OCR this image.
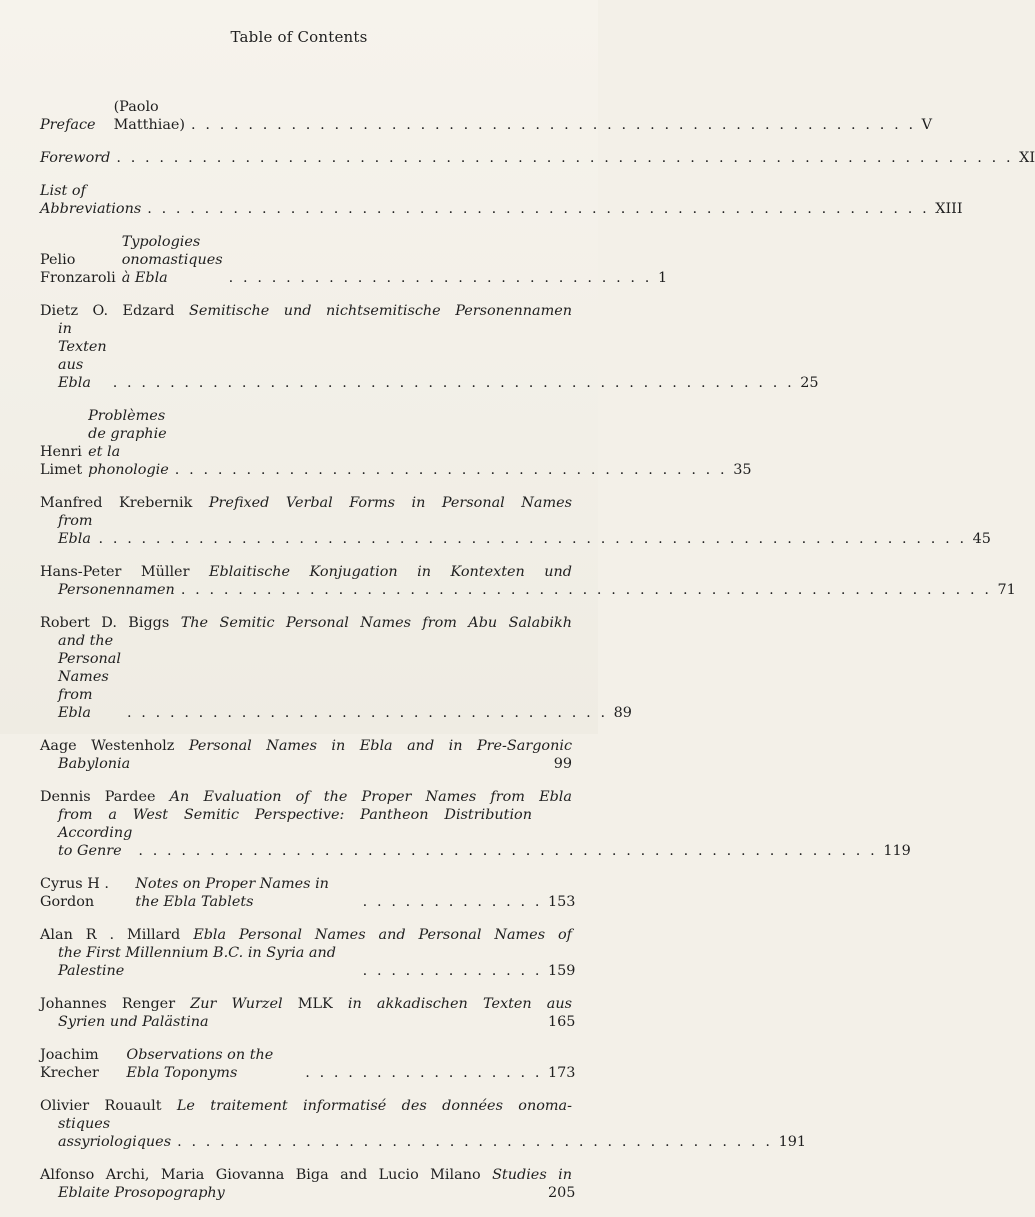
Table of Contents
Preface
(Paolo Matthiae) . . . . . . . . . . . . . . . . . . . . . . . . . . . . . . . . . . . . . . . . . . . . . . . . . . . V
Foreword . . . . . . . . . . . . . . . . . . . . . . . . . . . . . . . . . . . . . . . . . . . . . . . . . . . . . . . . . . . . . . . XI
List of Abbreviations . . . . . . . . . . . . . . . . . . . . . . . . . . . . . . . . . . . . . . . . . . . . . . . . . . . . . . . XIII
Pelio Fronzaroli
Typologies onomastiques à Ebla	. . . . . . . . . . . . . . . . . . . . . . . . . . . . . . 1
Dietz O. Edzard Semitische und nichtsemitische Personennamen
in Texten aus Ebla	. . . . . . . . . . . . . . . . . . . . . . . . . . . . . . . . . . . . . . . . . . . . . . . . 25
Henri Limet
Problèmes de graphie et la phonologie . . . . . . . . . . . . . . . . . . . . . . . . . . . . . . . . . . . . . . . 35
Manfred Krebernik Prefixed Verbal Forms in Personal Names
from Ebla . . . . . . . . . . . . . . . . . . . . . . . . . . . . . . . . . . . . . . . . . . . . . . . . . . . . . . . . . . . . . 45
Hans-Peter Müller Eblaitische Konjugation in Kontexten und
Personennamen . . . . . . . . . . . . . . . . . . . . . . . . . . . . . . . . . . . . . . . . . . . . . . . . . . . . . . . . . 71
Robert D. Biggs The Semitic Personal Names from Abu Salabikh
and the Personal Names from Ebla	. . . . . . . . . . . . . . . . . . . . . . . . . . . . . . . . . . 89
Aage Westenholz Personal Names in Ebla and in Pre-Sargonic
Babylonia	99
Dennis Pardee An Evaluation of the Proper Names from Ebla
from a West Semitic Perspective: Pantheon Distribution
According to Genre	. . . . . . . . . . . . . . . . . . . . . . . . . . . . . . . . . . . . . . . . . . . . . . . . . . . . 119
Cyrus H . Gordon
Notes on Proper Names in the Ebla Tablets	. . . . . . . . . . . . . 153
Alan R . Millard Ebla Personal Names and Personal Names of
the First Millennium B.C. in Syria and Palestine	. . . . . . . . . . . . . 159
Johannes Renger Zur Wurzel MLK in akkadischen Texten aus
Syrien und Palästina	165
Joachim Krecher
Observations on the Ebla Toponyms	. . . . . . . . . . . . . . . . . 173
Olivier Rouault Le traitement informatisé des données onoma-
stiques assyriologiques . . . . . . . . . . . . . . . . . . . . . . . . . . . . . . . . . . . . . . . . . . 191
Alfonso Archi, Maria Giovanna Biga and Lucio Milano Studies in
Eblaite Prosopography	205
